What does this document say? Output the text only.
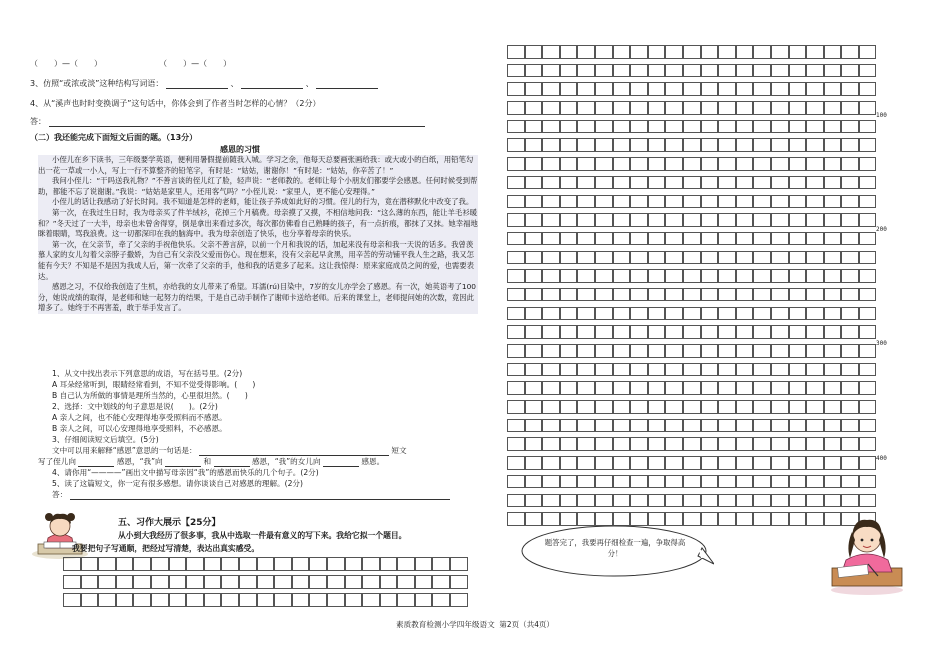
（　　）—（　　）	（　　）—（　　）
3、仿照“或浓或淡”这种结构写词语：	、	、
4、从“溪声也时时变换调子”这句话中，你体会到了作者当时怎样的心情？（2分）
答：
（二）我还能完成下面短文后面的题。（13分）
感恩的习惯

小侄儿在乡下读书，三年级要学英语，便利用暑假提前随我入城。学习之余，他每天总要画张画给我：或大或小的白纸，用铅笔勾出一花一草或一小人，写上一行不算整齐的铅笔字，有时是：“姑姑，谢谢你！”有时是：“姑姑，你辛苦了！”

我问小侄儿：“干吗送我礼物？”不善言谈的侄儿红了脸，轻声说：“老师教的。老师让每个小朋友们都要学会感恩。任何时候受到帮助，都能不忘了说谢谢。”我说：“姑姑是家里人，还用客气吗？”小侄儿说：“家里人，更不能心安理得。”

小侄儿的话让我感动了好长时间。我不知道是怎样的老师，能让孩子养成如此好的习惯。侄儿的行为，竟在潜移默化中改变了我。

第一次，在我过生日时，我为母亲买了件羊绒衫，花掉三个月稿费。母亲摸了又摸，不相信地问我：“这么薄的东西，能让羊毛衫暖和？”冬天过了一大半，母亲也未曾舍得穿，倒是拿出来看过多次，每次都仿佛看自己熟睡的孩子，有一点折痕，都抹了又抹。她幸福地眯着眼睛，骂我浪费。这一切都深印在我的脑海中。我为母亲创造了快乐，也分享着母亲的快乐。

第一次，在父亲节，牵了父亲的手祝他快乐。父亲不善言辞，以前一个月和我说的话，加起来没有母亲和我一天说的话多。我曾羡慕人家的女儿勾着父亲脖子撒娇，为自己有父亲没父爱而伤心。现在想来，没有父亲起早贪黑，用辛苦的劳动铺平我人生之路，我又怎能有今天？不知是不是因为我成人后，第一次牵了父亲的手，他和我的话竟多了起来。这让我惊得：原来家庭成员之间的爱，也需要表达。

感恩之习，不仅给我创造了生机，亦给我的女儿带来了希望。耳濡(rú)目染中，7岁的女儿亦学会了感恩。有一次，她英语考了100分，她说成绩的取得，是老师和她一起努力的结果，于是自己动手制作了谢师卡送给老师。后来的课堂上，老师提问她的次数，竟因此增多了。她终于不再害羞，敢于举手发言了。

1、从文中找出表示下列意思的成语，写在括号里。(2分)
A 耳朵经常听到，眼睛经常看到，不知不觉受得影响。(　　)
B 自己认为所做的事情是理所当然的，心里很坦然。(　　)
2、选择：文中划线的句子意思是说(　　)。(2分)
A 亲人之间，也不能心安理得地享受照料而不感恩。
B 亲人之间，可以心安理得地享受照料，不必感恩。
3、仔细阅读短文后填空。(5分)
文中可以用来解释“感恩”意思的一句话是：	短文
写了侄儿向	感恩，“我”向	和	感恩，“我”的女儿向	感恩。
4、请你用“————”画出文中描写母亲因“我”的感恩而快乐的几个句子。(2分)
5、读了这篇短文，你一定有很多感想。请你谈谈自己对感恩的理解。(2分)
答：
五、习作大展示【25分】
从小到大我经历了很多事，我从中选取一件最有意义的写下来。我给它拟一个题目。
我要把句子写通顺，把经过写清楚，表达出真实感受。
100
200
300
400
题答完了，我要再仔细检查一遍，争取得高分！
素质教育检测小学四年级语文 第2页（共4页）
